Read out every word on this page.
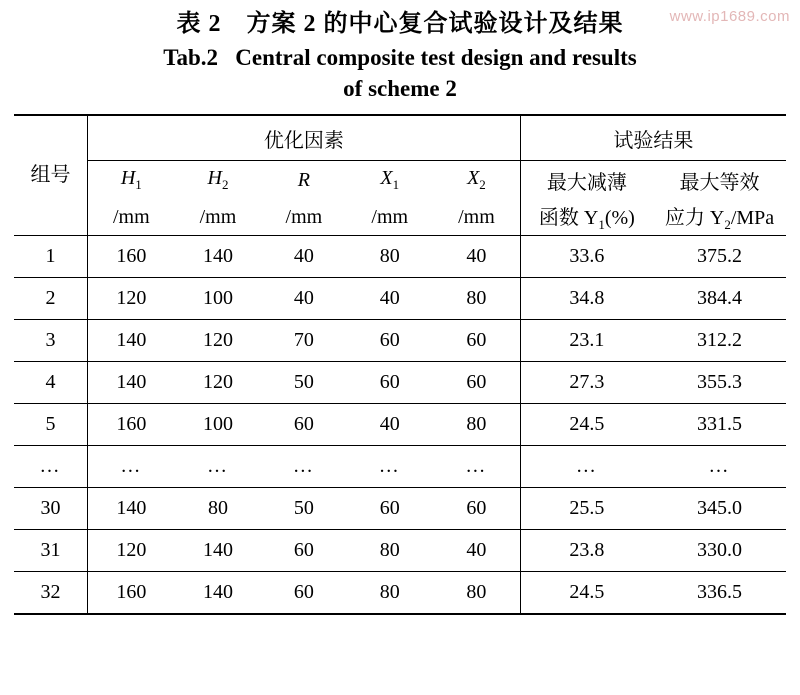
www.ip1689.com
表 2 方案 2 的中心复合试验设计及结果
Tab.2  Central composite test design and results
of scheme 2
组号	优化因素					试验结果	
	$H_1$	$H_2$	R	$X_1$	$X_2$	最大减薄	最大等效
	/mm	/mm	/mm	/mm	/mm	函数 $Y_1(\%)$	应力 $Y_2$/MPa
1	160	140	40	80	40	33.6	375.2
2	120	100	40	40	80	34.8	384.4
3	140	120	70	60	60	23.1	312.2
4	140	120	50	60	60	27.3	355.3
5	160	100	60	40	80	24.5	331.5
…	…	…	…	…	…	…	…
30	140	80	50	60	60	25.5	345.0
31	120	140	60	80	40	23.8	330.0
32	160	140	60	80	80	24.5	336.5
